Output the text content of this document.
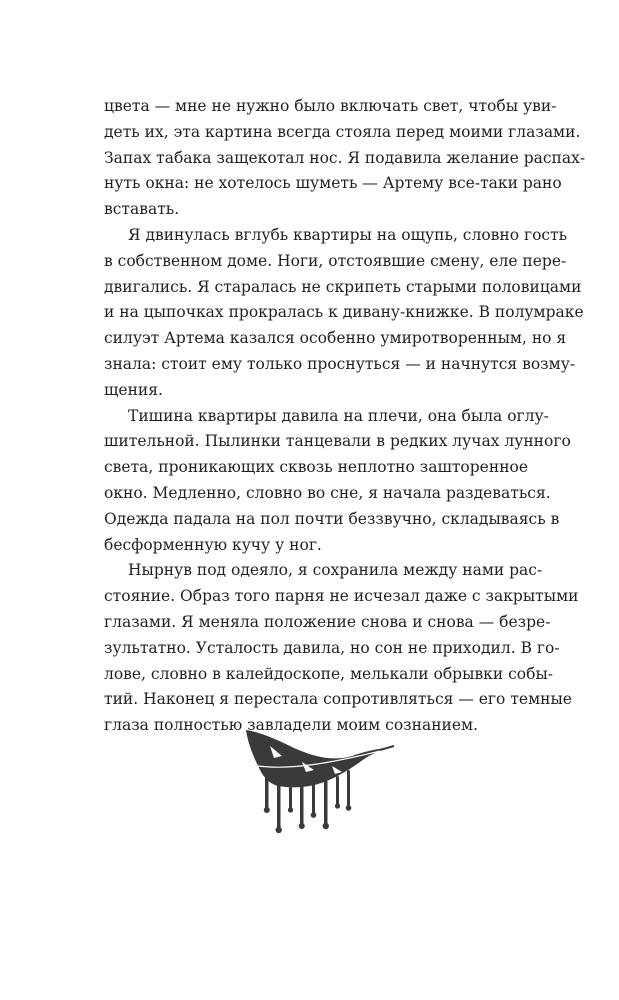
цвета — мне не нужно было включать свет, чтобы уви-
деть их, эта картина всегда стояла перед моими глазами.
Запах табака защекотал нос. Я подавила желание распах-
нуть окна: не хотелось шуметь — Артему все-таки рано
вставать.
Я двинулась вглубь квартиры на ощупь, словно гость
в собственном доме. Ноги, отстоявшие смену, еле пере-
двигались. Я старалась не скрипеть старыми половицами
и на цыпочках прокралась к дивану-книжке. В полумраке
силуэт Артема казался особенно умиротворенным, но я
знала: стоит ему только проснуться — и начнутся возму-
щения.
Тишина квартиры давила на плечи, она была оглу-
шительной. Пылинки танцевали в редких лучах лунного
света, проникающих сквозь неплотно зашторенное
окно. Медленно, словно во сне, я начала раздеваться.
Одежда падала на пол почти беззвучно, складываясь в
бесформенную кучу у ног.
Нырнув под одеяло, я сохранила между нами рас-
стояние. Образ того парня не исчезал даже с закрытыми
глазами. Я меняла положение снова и снова — безре-
зультатно. Усталость давила, но сон не приходил. В го-
лове, словно в калейдоскопе, мелькали обрывки собы-
тий. Наконец я перестала сопротивляться — его темные
глаза полностью завладели моим сознанием.
